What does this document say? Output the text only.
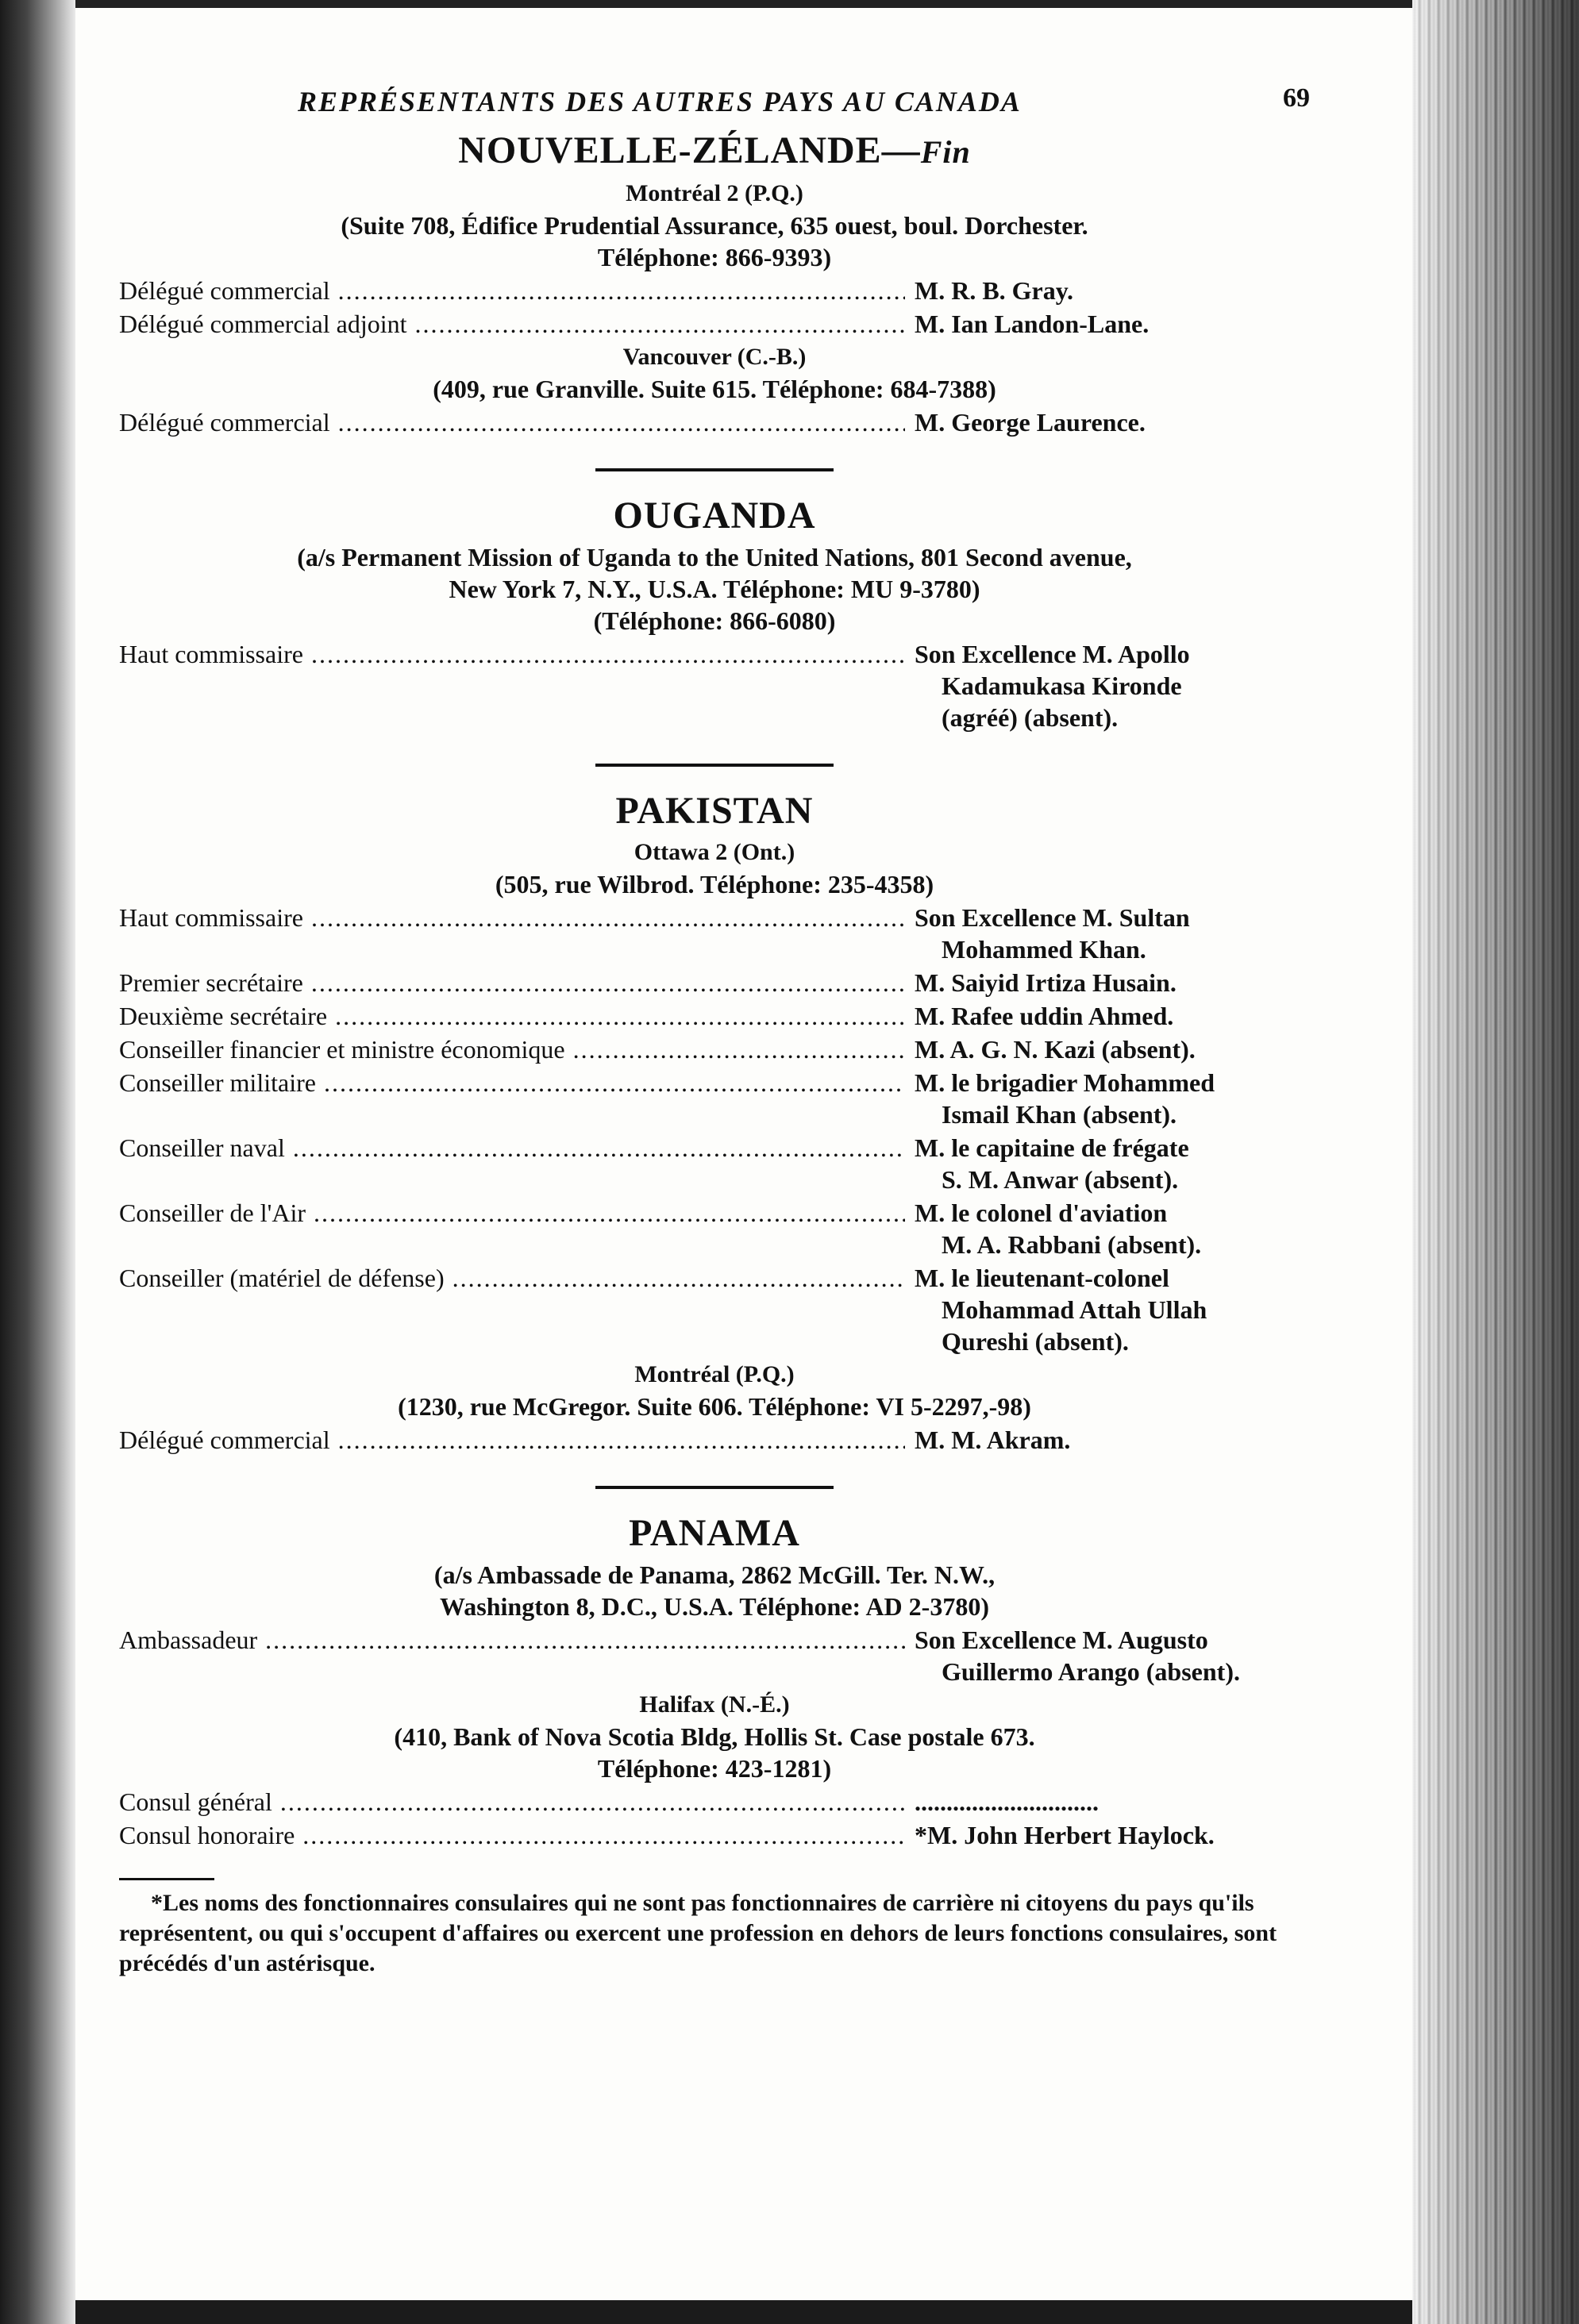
REPRÉSENTANTS DES AUTRES PAYS AU CANADA	69
NOUVELLE-ZÉLANDE—Fin
Montréal 2 (P.Q.)
(Suite 708, Édifice Prudential Assurance, 635 ouest, boul. Dorchester.
Téléphone: 866-9393)
Délégué commercial .....	M. R. B. Gray.
Délégué commercial adjoint .....	M. Ian Landon-Lane.
Vancouver (C.-B.)
(409, rue Granville. Suite 615. Téléphone: 684-7388)
Délégué commercial .....	M. George Laurence.
OUGANDA
(a/s Permanent Mission of Uganda to the United Nations, 801 Second avenue,
New York 7, N.Y., U.S.A. Téléphone: MU 9-3780)
(Téléphone: 866-6080)
Haut commissaire .....	Son Excellence M. Apollo
Kadamukasa Kironde
(agréé) (absent).
PAKISTAN
Ottawa 2 (Ont.)
(505, rue Wilbrod. Téléphone: 235-4358)
Haut commissaire .....	Son Excellence M. Sultan
Mohammed Khan.
Premier secrétaire .....	M. Saiyid Irtiza Husain.
Deuxième secrétaire .....	M. Rafee uddin Ahmed.
Conseiller financier et ministre économique .....	M. A. G. N. Kazi (absent).
Conseiller militaire .....	M. le brigadier Mohammed
Ismail Khan (absent).
Conseiller naval .....	M. le capitaine de frégate
S. M. Anwar (absent).
Conseiller de l'Air .....	M. le colonel d'aviation
M. A. Rabbani (absent).
Conseiller (matériel de défense) .....	M. le lieutenant-colonel
Mohammad Attah Ullah
Qureshi (absent).
Montréal (P.Q.)
(1230, rue McGregor. Suite 606. Téléphone: VI 5-2297,-98)
Délégué commercial .....	M. M. Akram.
PANAMA
(a/s Ambassade de Panama, 2862 McGill. Ter. N.W.,
Washington 8, D.C., U.S.A. Téléphone: AD 2-3780)
Ambassadeur .....	Son Excellence M. Augusto
Guillermo Arango (absent).
Halifax (N.-É.)
(410, Bank of Nova Scotia Bldg, Hollis St. Case postale 673.
Téléphone: 423-1281)
Consul général .....	.............................
Consul honoraire .....	*M. John Herbert Haylock.
*Les noms des fonctionnaires consulaires qui ne sont pas fonctionnaires de carrière ni citoyens du pays qu'ils représentent, ou qui s'occupent d'affaires ou exercent une profession en dehors de leurs fonctions consulaires, sont précédés d'un astérisque.
